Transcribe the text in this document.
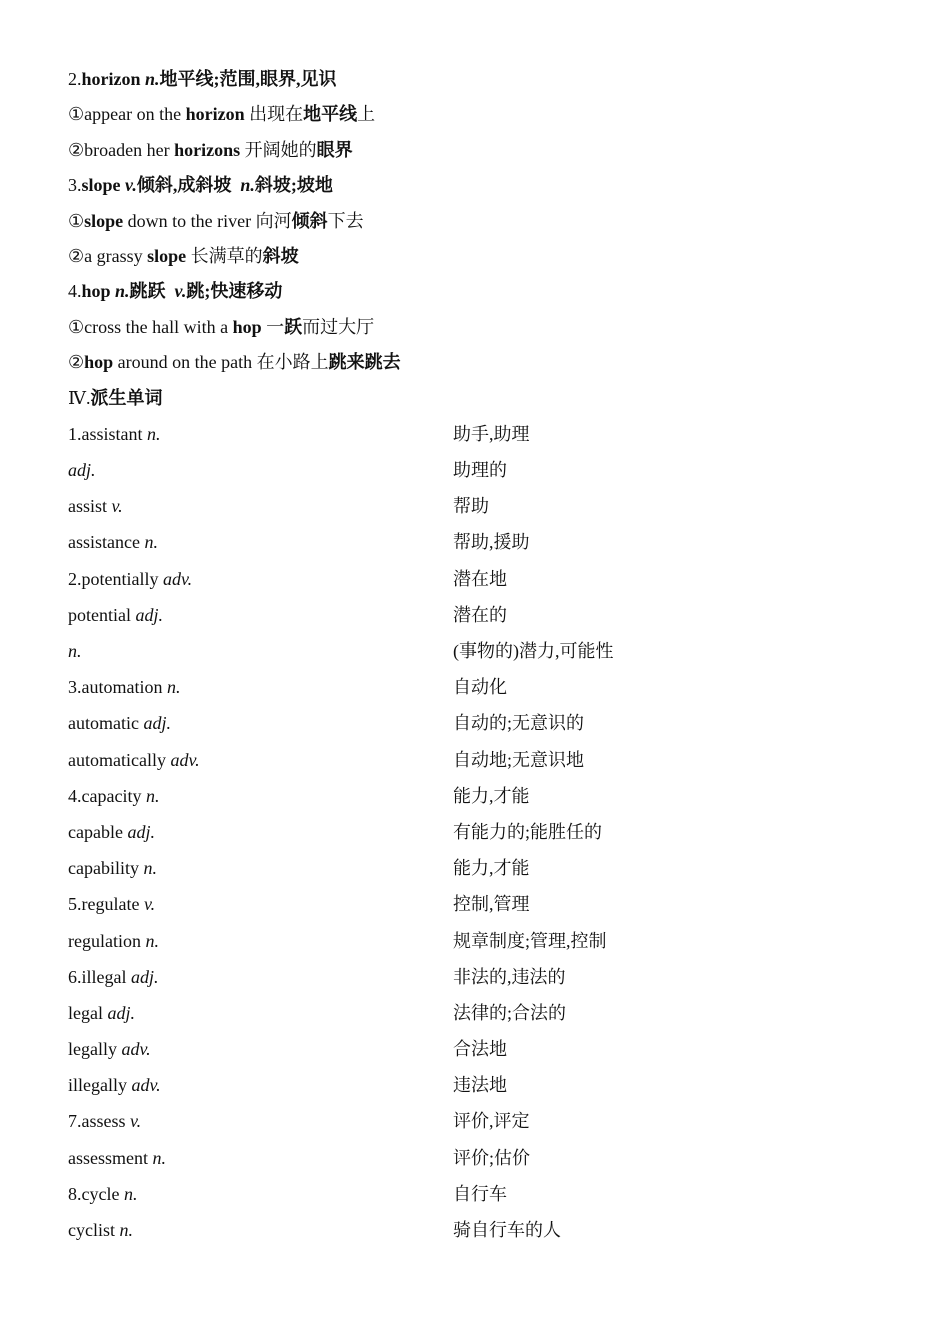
2.horizon n.地平线;范围,眼界,见识
①appear on the horizon 出现在地平线上
②broaden her horizons 开阔她的眼界
3.slope v.倾斜,成斜坡 n.斜坡;坡地
①slope down to the river 向河倾斜下去
②a grassy slope 长满草的斜坡
4.hop n.跳跃 v.跳;快速移动
①cross the hall with a hop 一跃而过大厅
②hop around on the path 在小路上跳来跳去
Ⅳ.派生单词
1.assistant n.	助手,助理
adj.	助理的
assist v.	帮助
assistance n.	帮助,援助
2.potentially adv.	潜在地
potential adj.	潜在的
n.	(事物的)潜力,可能性
3.automation n.	自动化
automatic adj.	自动的;无意识的
automatically adv.	自动地;无意识地
4.capacity n.	能力,才能
capable adj.	有能力的;能胜任的
capability n.	能力,才能
5.regulate v.	控制,管理
regulation n.	规章制度;管理,控制
6.illegal adj.	非法的,违法的
legal adj.	法律的;合法的
legally adv.	合法地
illegally adv.	违法地
7.assess v.	评价,评定
assessment n.	评价;估价
8.cycle n.	自行车
cyclist n.	骑自行车的人
